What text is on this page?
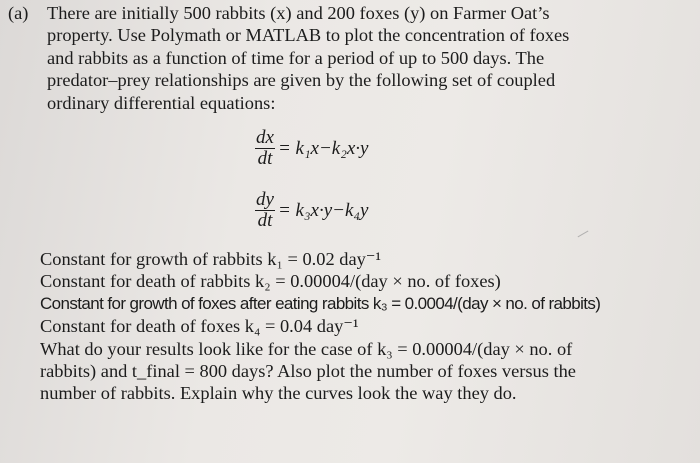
(a) There are initially 500 rabbits (x) and 200 foxes (y) on Farmer Oat’s
property. Use Polymath or MATLAB to plot the concentration of foxes
and rabbits as a function of time for a period of up to 500 days. The
predator–prey relationships are given by the following set of coupled
ordinary differential equations:
$\frac{dx}{dt} = k_1x-k_2x\cdot y$
$\frac{dy}{dt} = k_3x\cdot y-k_4y$
Constant for growth of rabbits k₁ = 0.02 day⁻¹
Constant for death of rabbits k₂ = 0.00004/(day × no. of foxes)
Constant for growth of foxes after eating rabbits k₃ = 0.0004/(day × no. of rabbits)
Constant for death of foxes k₄ = 0.04 day⁻¹
What do your results look like for the case of k₃ = 0.00004/(day × no. of
rabbits) and t_final = 800 days? Also plot the number of foxes versus the
number of rabbits. Explain why the curves look the way they do.
